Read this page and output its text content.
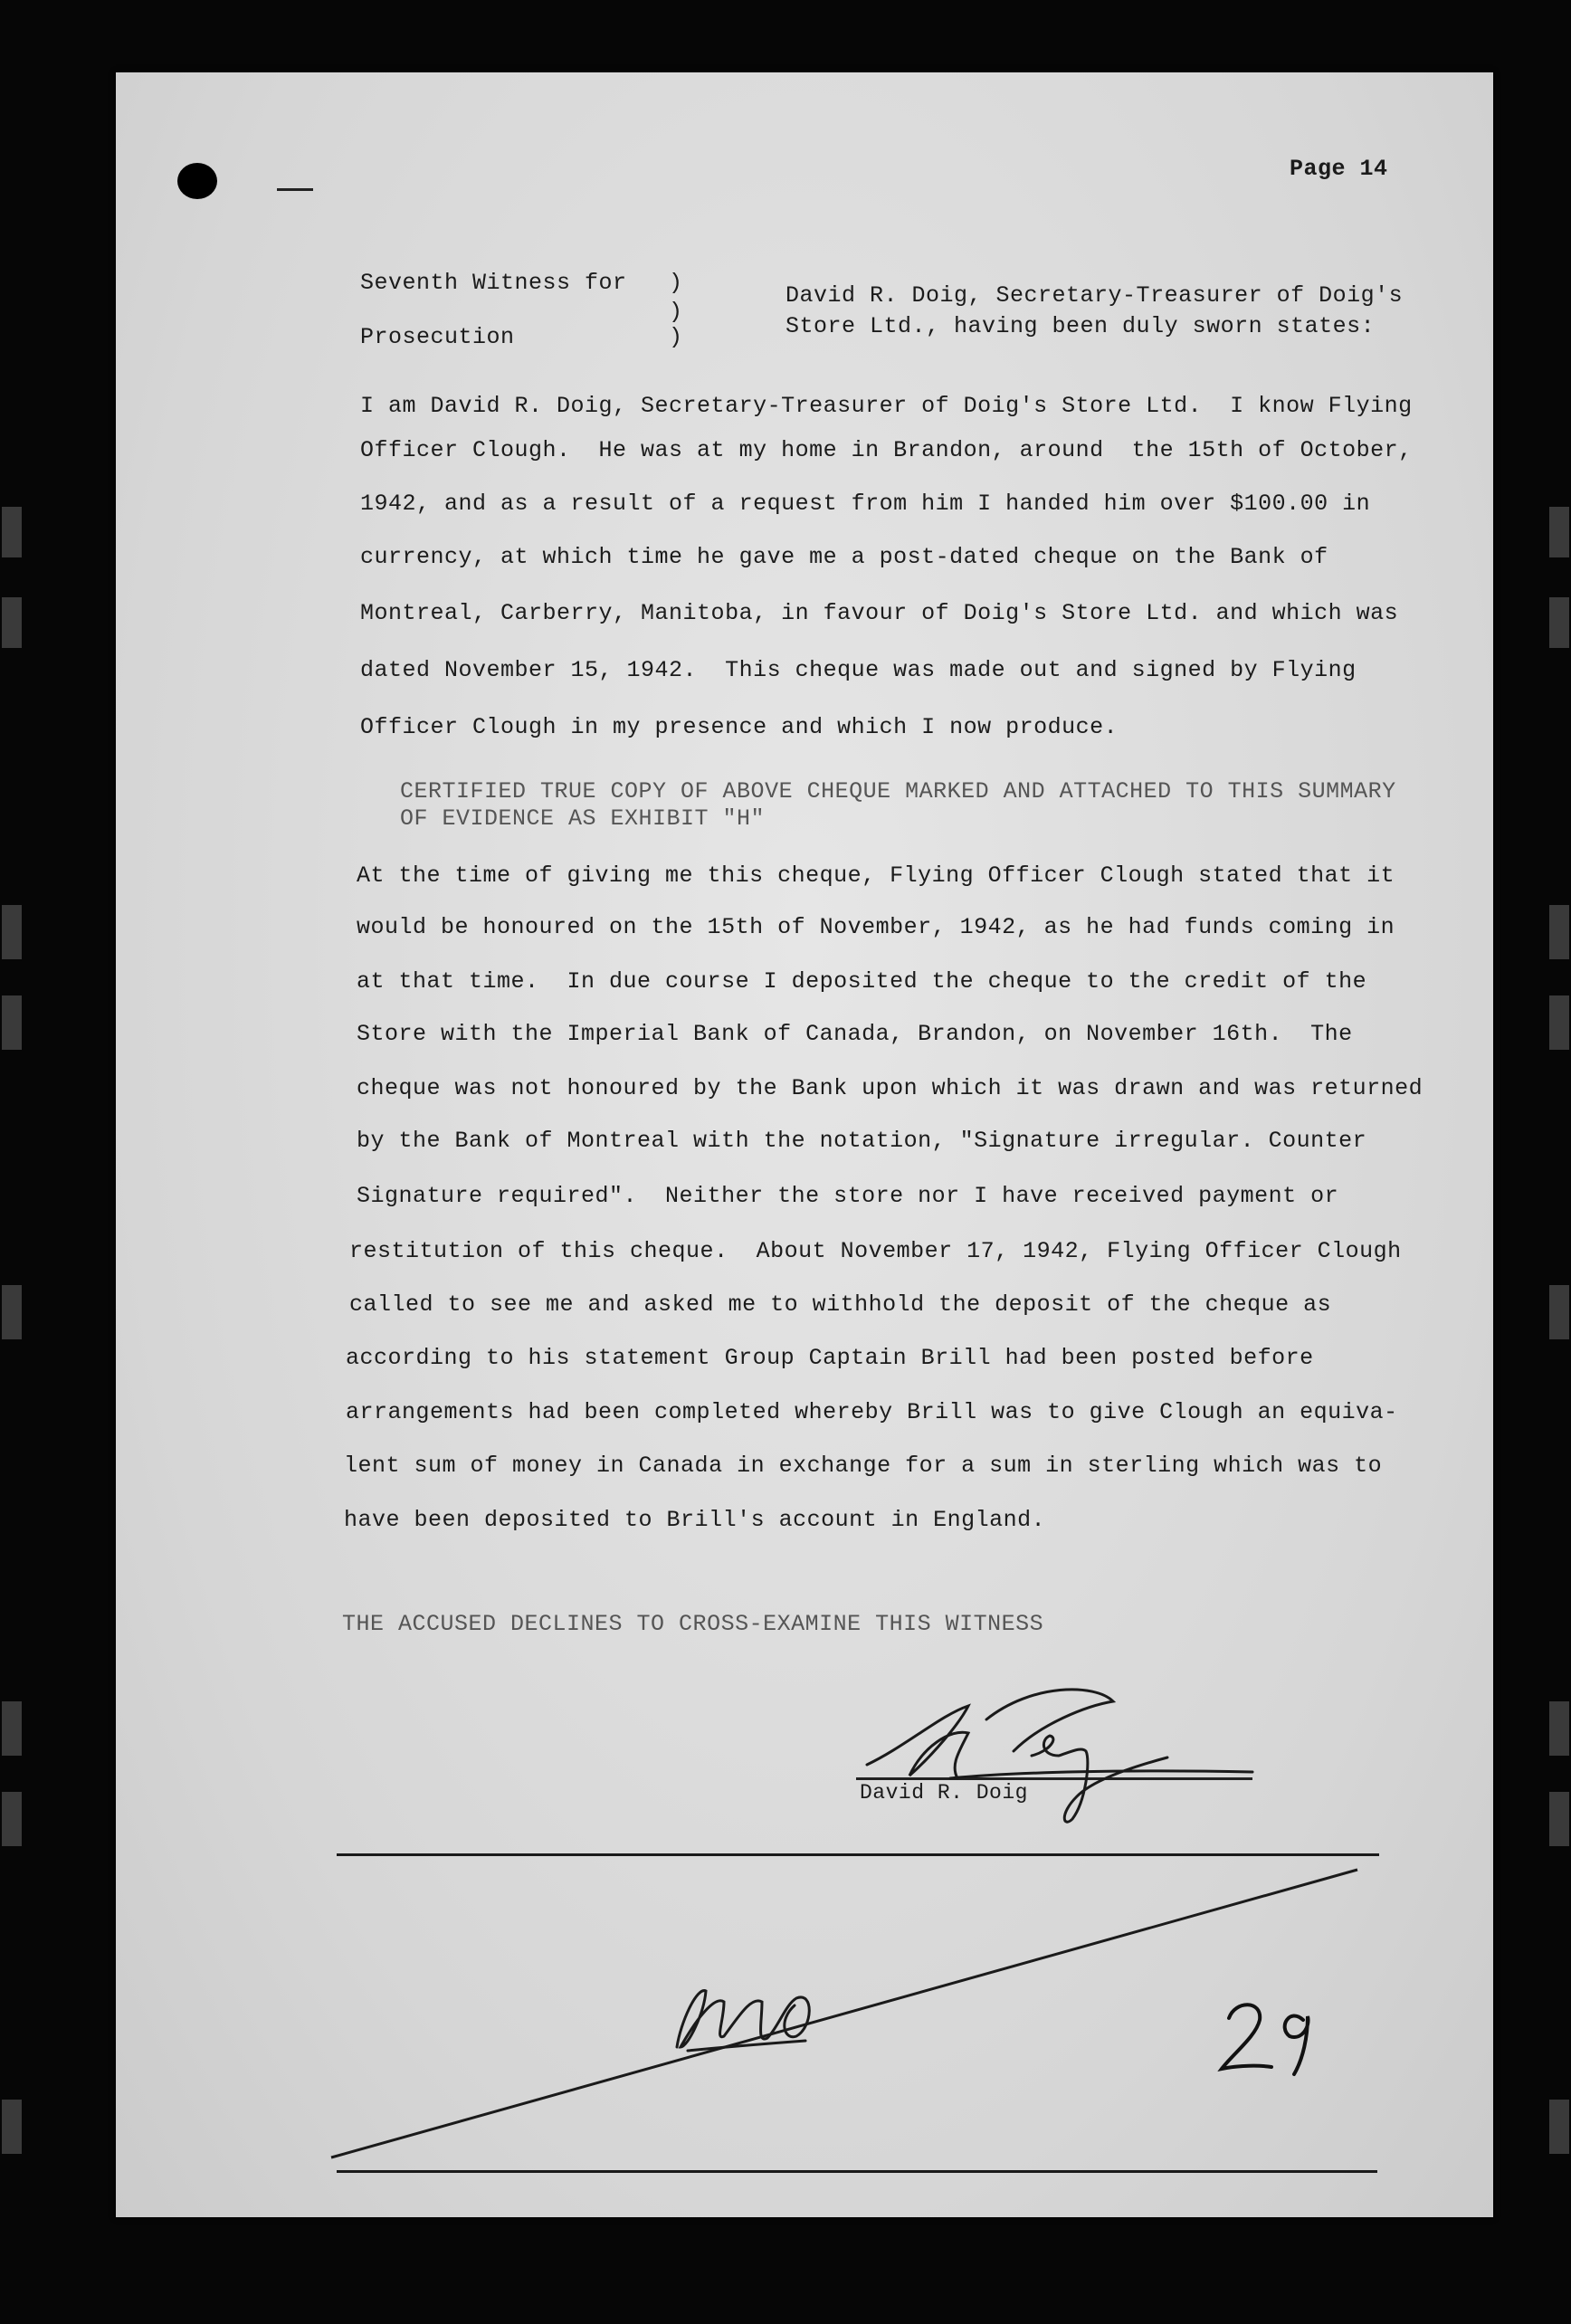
Page 14
Seventh Witness for   )
)
Prosecution           )
David R. Doig, Secretary-Treasurer of Doig's
Store Ltd., having been duly sworn states:
I am David R. Doig, Secretary-Treasurer of Doig's Store Ltd.  I know Flying
Officer Clough.  He was at my home in Brandon, around  the 15th of October,
1942, and as a result of a request from him I handed him over $100.00 in
currency, at which time he gave me a post-dated cheque on the Bank of
Montreal, Carberry, Manitoba, in favour of Doig's Store Ltd. and which was
dated November 15, 1942.  This cheque was made out and signed by Flying
Officer Clough in my presence and which I now produce.
CERTIFIED TRUE COPY OF ABOVE CHEQUE MARKED AND ATTACHED TO THIS SUMMARY
OF EVIDENCE AS EXHIBIT "H"
At the time of giving me this cheque, Flying Officer Clough stated that it
would be honoured on the 15th of November, 1942, as he had funds coming in
at that time.  In due course I deposited the cheque to the credit of the
Store with the Imperial Bank of Canada, Brandon, on November 16th.  The
cheque was not honoured by the Bank upon which it was drawn and was returned
by the Bank of Montreal with the notation, "Signature irregular. Counter
Signature required".  Neither the store nor I have received payment or
restitution of this cheque.  About November 17, 1942, Flying Officer Clough
called to see me and asked me to withhold the deposit of the cheque as
according to his statement Group Captain Brill had been posted before
arrangements had been completed whereby Brill was to give Clough an equiva-
lent sum of money in Canada in exchange for a sum in sterling which was to
have been deposited to Brill's account in England.
THE ACCUSED DECLINES TO CROSS-EXAMINE THIS WITNESS
David R. Doig
